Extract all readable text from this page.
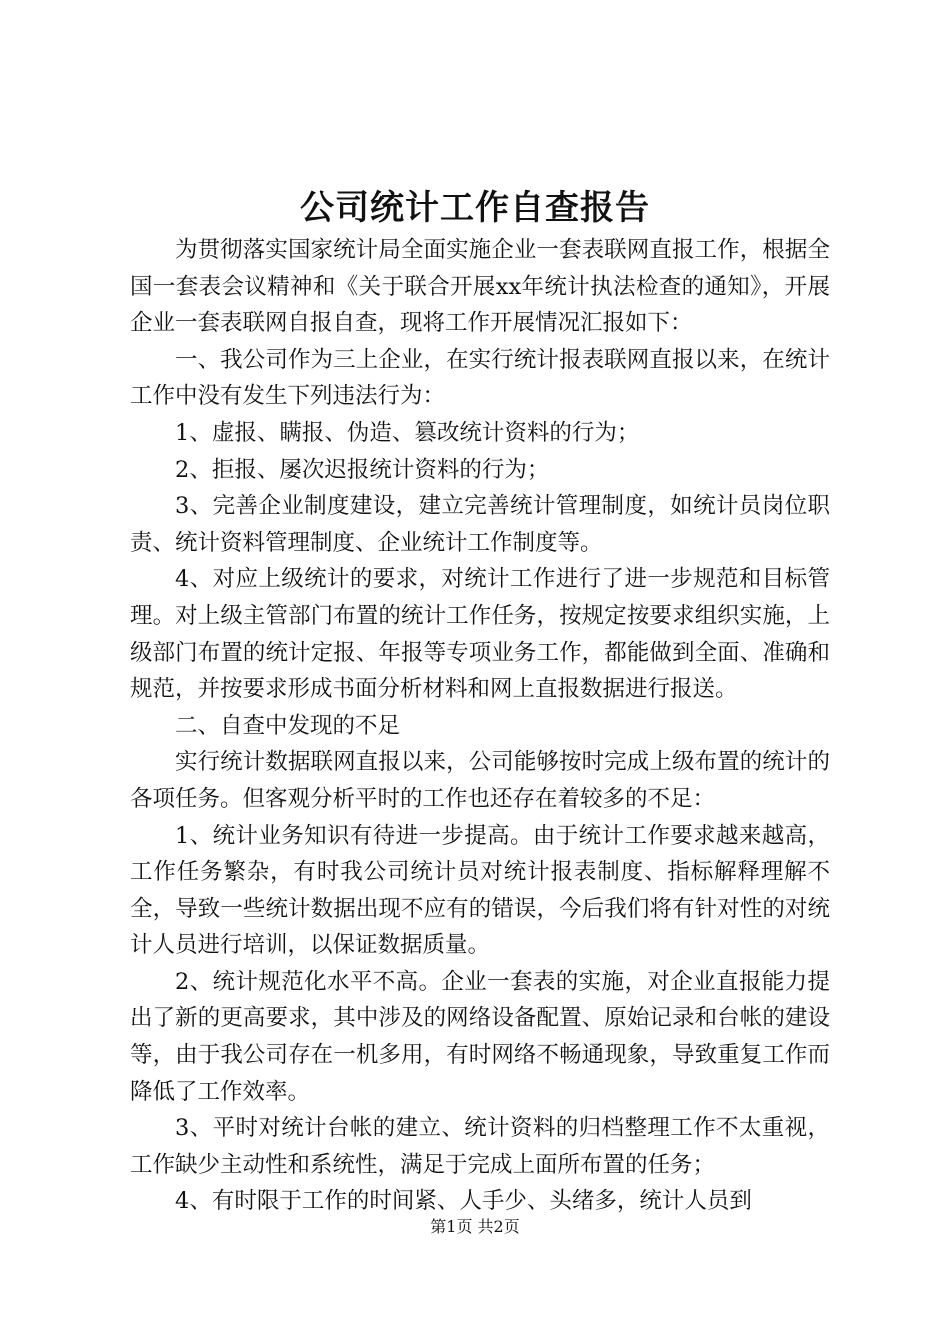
公司统计工作自查报告

为贯彻落实国家统计局全面实施企业一套表联网直报工作，根据全国一套表会议精神和《关于联合开展xx年统计执法检查的通知》，开展企业一套表联网自报自查，现将工作开展情况汇报如下：

一、我公司作为三上企业，在实行统计报表联网直报以来，在统计工作中没有发生下列违法行为：

1、虚报、瞒报、伪造、篡改统计资料的行为；

2、拒报、屡次迟报统计资料的行为；

3、完善企业制度建设，建立完善统计管理制度，如统计员岗位职责、统计资料管理制度、企业统计工作制度等。

4、对应上级统计的要求，对统计工作进行了进一步规范和目标管理。对上级主管部门布置的统计工作任务，按规定按要求组织实施，上级部门布置的统计定报、年报等专项业务工作，都能做到全面、准确和规范，并按要求形成书面分析材料和网上直报数据进行报送。

二、自查中发现的不足

实行统计数据联网直报以来，公司能够按时完成上级布置的统计的各项任务。但客观分析平时的工作也还存在着较多的不足：

1、统计业务知识有待进一步提高。由于统计工作要求越来越高，工作任务繁杂，有时我公司统计员对统计报表制度、指标解释理解不全，导致一些统计数据出现不应有的错误，今后我们将有针对性的对统计人员进行培训，以保证数据质量。

2、统计规范化水平不高。企业一套表的实施，对企业直报能力提出了新的更高要求，其中涉及的网络设备配置、原始记录和台帐的建设等，由于我公司存在一机多用，有时网络不畅通现象，导致重复工作而降低了工作效率。

3、平时对统计台帐的建立、统计资料的归档整理工作不太重视，工作缺少主动性和系统性，满足于完成上面所布置的任务；

4、有时限于工作的时间紧、人手少、头绪多，统计人员到

第1页 共2页
